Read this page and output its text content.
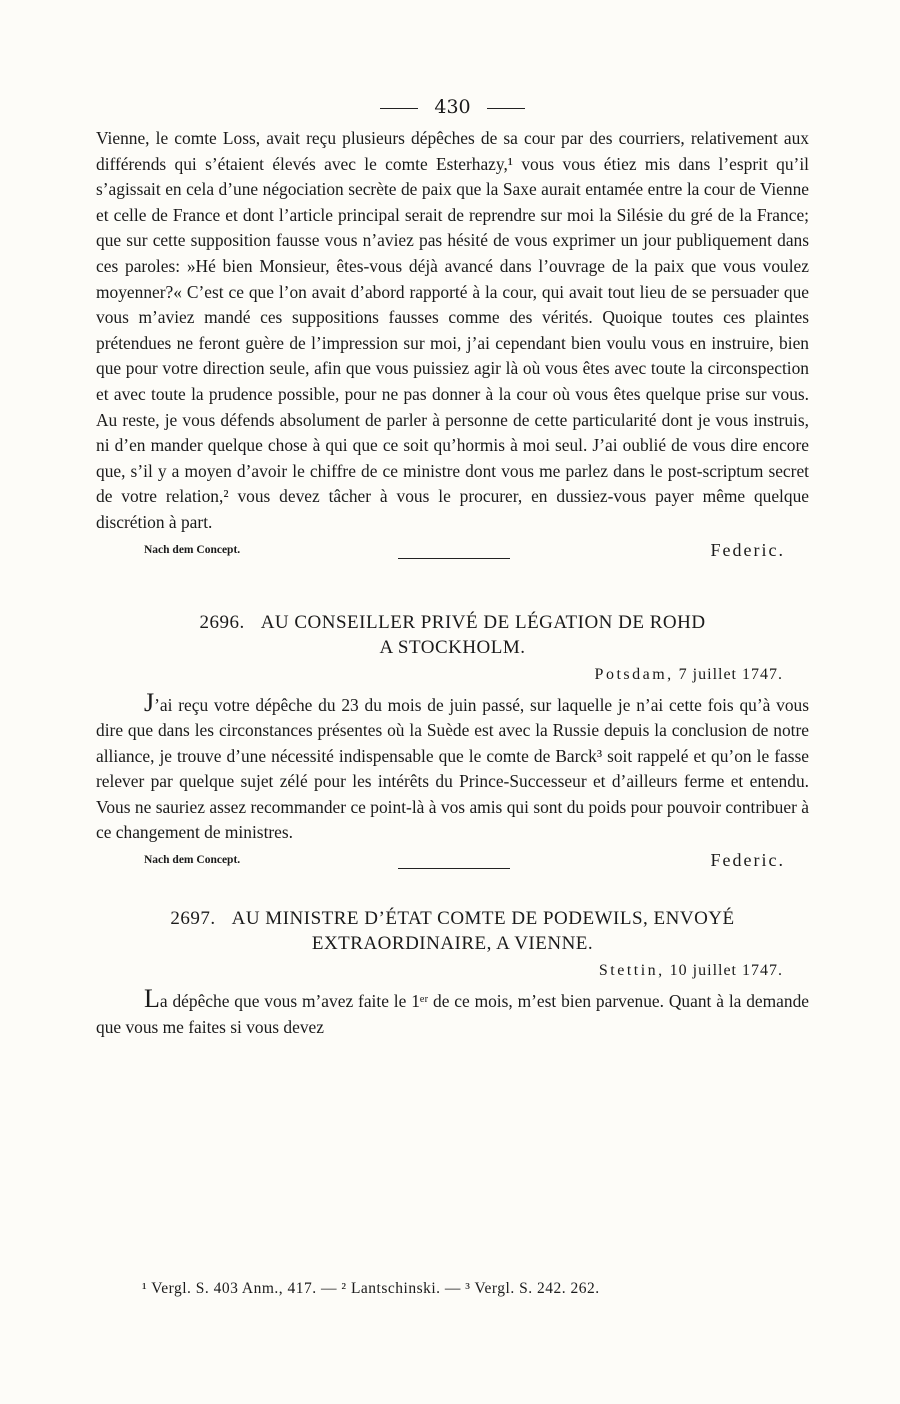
430

Vienne, le comte Loss, avait reçu plusieurs dépêches de sa cour par des courriers, relativement aux différends qui s’étaient élevés avec le comte Esterhazy,¹ vous vous étiez mis dans l’esprit qu’il s’agissait en cela d’une négociation secrète de paix que la Saxe aurait entamée entre la cour de Vienne et celle de France et dont l’article principal serait de reprendre sur moi la Silésie du gré de la France; que sur cette supposition fausse vous n’aviez pas hésité de vous exprimer un jour publiquement dans ces paroles: »Hé bien Monsieur, êtes-vous déjà avancé dans l’ouvrage de la paix que vous voulez moyenner?« C’est ce que l’on avait d’abord rapporté à la cour, qui avait tout lieu de se persuader que vous m’aviez mandé ces suppositions fausses comme des vérités. Quoique toutes ces plaintes prétendues ne feront guère de l’impression sur moi, j’ai cependant bien voulu vous en instruire, bien que pour votre direction seule, afin que vous puissiez agir là où vous êtes avec toute la circonspection et avec toute la prudence possible, pour ne pas donner à la cour où vous êtes quelque prise sur vous. Au reste, je vous défends absolument de parler à personne de cette particularité dont je vous instruis, ni d’en mander quelque chose à qui que ce soit qu’hormis à moi seul. J’ai oublié de vous dire encore que, s’il y a moyen d’avoir le chiffre de ce ministre dont vous me parlez dans le post-scriptum secret de votre relation,² vous devez tâcher à vous le procurer, en dussiez-vous payer même quelque discrétion à part.

Nach dem Concept.	Federic.

2696. AU CONSEILLER PRIVÉ DE LÉGATION DE ROHD
A STOCKHOLM.

Potsdam, 7 juillet 1747.

J’ai reçu votre dépêche du 23 du mois de juin passé, sur laquelle je n’ai cette fois qu’à vous dire que dans les circonstances présentes où la Suède est avec la Russie depuis la conclusion de notre alliance, je trouve d’une nécessité indispensable que le comte de Barck³ soit rappelé et qu’on le fasse relever par quelque sujet zélé pour les intérêts du Prince-Successeur et d’ailleurs ferme et entendu. Vous ne sauriez assez recommander ce point-là à vos amis qui sont du poids pour pouvoir contribuer à ce changement de ministres.

Nach dem Concept.	Federic.

2697. AU MINISTRE D’ÉTAT COMTE DE PODEWILS, ENVOYÉ
EXTRAORDINAIRE, A VIENNE.

Stettin, 10 juillet 1747.

La dépêche que vous m’avez faite le 1ᵉʳ de ce mois, m’est bien parvenue. Quant à la demande que vous me faites si vous devez

¹ Vergl. S. 403 Anm., 417. — ² Lantschinski. — ³ Vergl. S. 242. 262.
